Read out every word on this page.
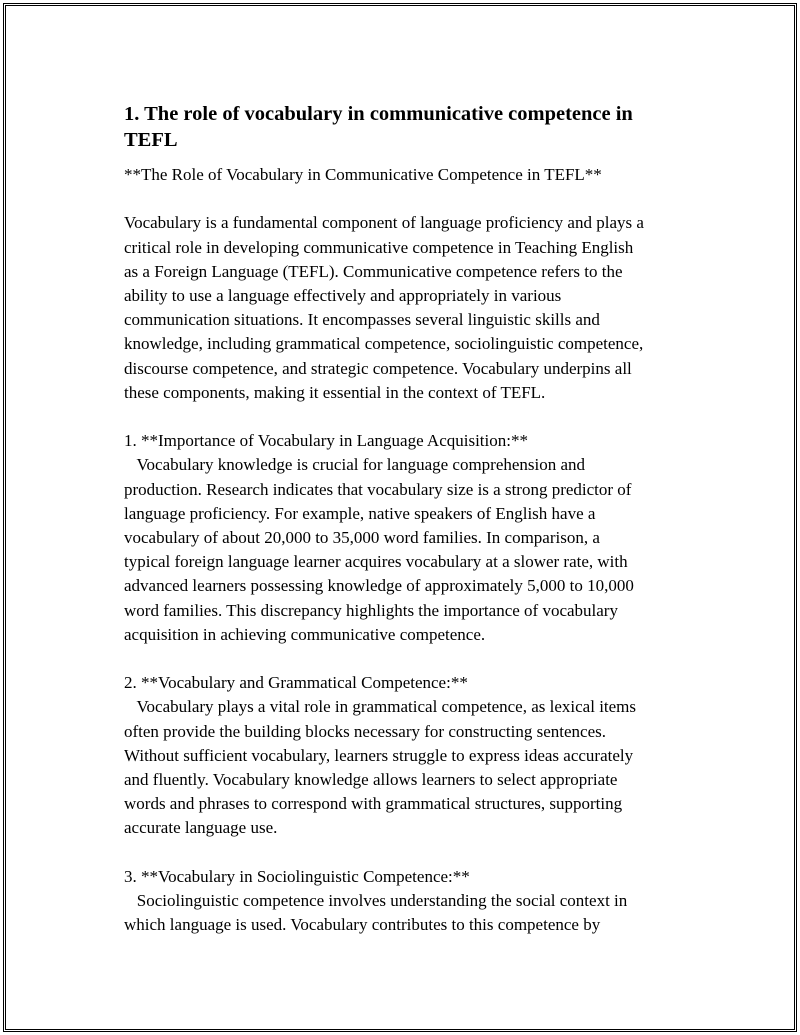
1. The role of vocabulary in communicative competence in
TEFL

**The Role of Vocabulary in Communicative Competence in TEFL**

Vocabulary is a fundamental component of language proficiency and plays a

critical role in developing communicative competence in Teaching English

as a Foreign Language (TEFL). Communicative competence refers to the

ability to use a language effectively and appropriately in various

communication situations. It encompasses several linguistic skills and

knowledge, including grammatical competence, sociolinguistic competence,

discourse competence, and strategic competence. Vocabulary underpins all

these components, making it essential in the context of TEFL.

1. **Importance of Vocabulary in Language Acquisition:**

Vocabulary knowledge is crucial for language comprehension and

production. Research indicates that vocabulary size is a strong predictor of

language proficiency. For example, native speakers of English have a

vocabulary of about 20,000 to 35,000 word families. In comparison, a

typical foreign language learner acquires vocabulary at a slower rate, with

advanced learners possessing knowledge of approximately 5,000 to 10,000

word families. This discrepancy highlights the importance of vocabulary

acquisition in achieving communicative competence.

2. **Vocabulary and Grammatical Competence:**

Vocabulary plays a vital role in grammatical competence, as lexical items

often provide the building blocks necessary for constructing sentences.

Without sufficient vocabulary, learners struggle to express ideas accurately

and fluently. Vocabulary knowledge allows learners to select appropriate

words and phrases to correspond with grammatical structures, supporting

accurate language use.

3. **Vocabulary in Sociolinguistic Competence:**

Sociolinguistic competence involves understanding the social context in

which language is used. Vocabulary contributes to this competence by
